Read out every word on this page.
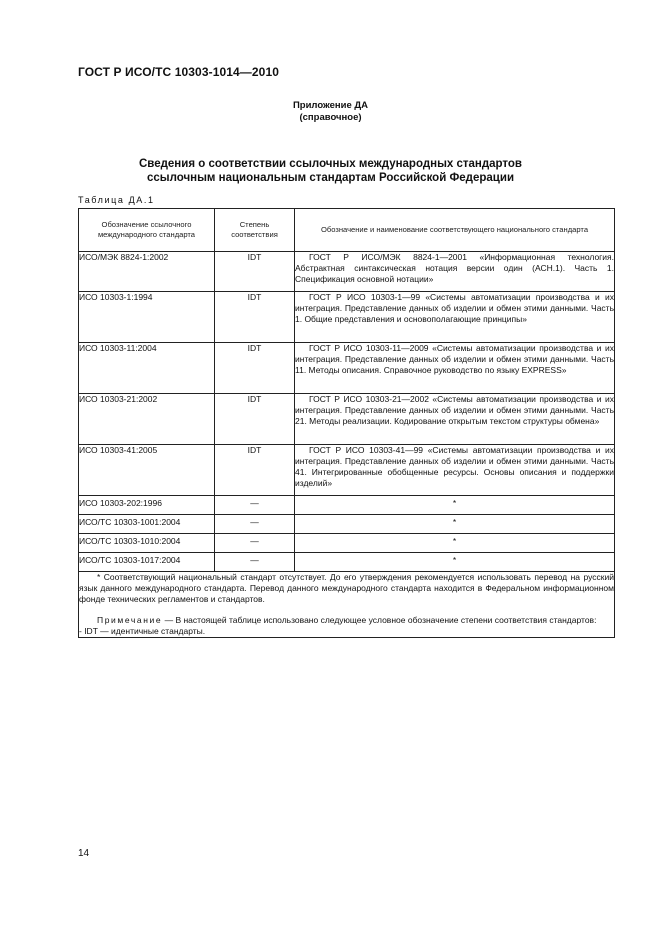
ГОСТ Р ИСО/ТС 10303-1014—2010
Приложение ДА
(справочное)
Сведения о соответствии ссылочных международных стандартов
ссылочным национальным стандартам Российской Федерации
Таблица ДА.1
Обозначение ссылочного международного стандарта	Степень соответствия	Обозначение и наименование соответствующего национального стандарта
ИСО/МЭК 8824-1:2002	IDT	ГОСТ Р ИСО/МЭК 8824-1—2001 «Информационная технология. Абстрактная синтаксическая нотация версии один (АСН.1). Часть 1. Спецификация основной нотации»
ИСО 10303-1:1994	IDT	ГОСТ Р ИСО 10303-1—99 «Системы автоматизации производства и их интеграция. Представление данных об изделии и обмен этими данными. Часть 1. Общие представления и основополагающие принципы»
ИСО 10303-11:2004	IDT	ГОСТ Р ИСО 10303-11—2009 «Системы автоматизации производства и их интеграция. Представление данных об изделии и обмен этими данными. Часть 11. Методы описания. Справочное руководство по языку EXPRESS»
ИСО 10303-21:2002	IDT	ГОСТ Р ИСО 10303-21—2002 «Системы автоматизации производства и их интеграция. Представление данных об изделии и обмен этими данными. Часть 21. Методы реализации. Кодирование открытым текстом структуры обмена»
ИСО 10303-41:2005	IDT	ГОСТ Р ИСО 10303-41—99 «Системы автоматизации производства и их интеграция. Представление данных об изделии и обмен этими данными. Часть 41. Интегрированные обобщенные ресурсы. Основы описания и поддержки изделий»
ИСО 10303-202:1996	—	*
ИСО/ТС 10303-1001:2004	—	*
ИСО/ТС 10303-1010:2004	—	*
ИСО/ТС 10303-1017:2004	—	*

* Соответствующий национальный стандарт отсутствует. До его утверждения рекомендуется использовать перевод на русский язык данного международного стандарта. Перевод данного международного стандарта находится в Федеральном информационном фонде технических регламентов и стандартов.

Примечание — В настоящей таблице использовано следующее условное обозначение степени соответствия стандартов:

- IDT — идентичные стандарты.		
14
